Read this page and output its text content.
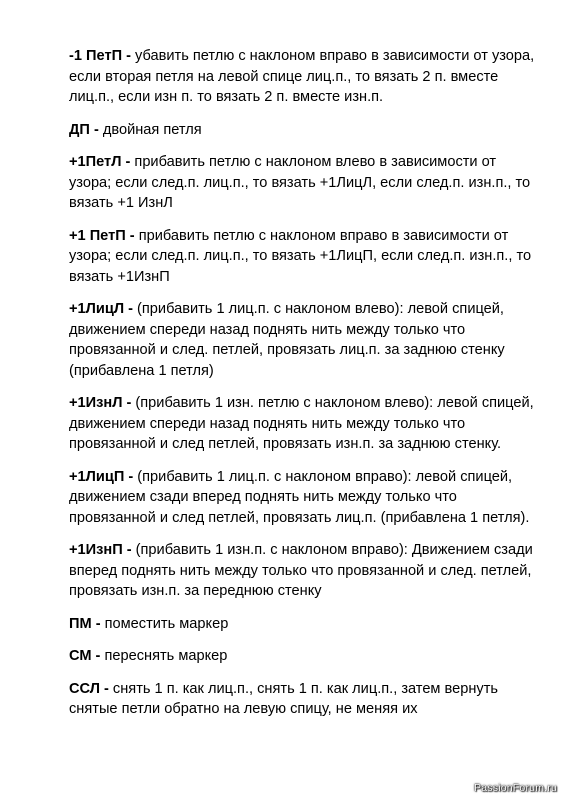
-1 ПетП - убавить петлю с наклоном вправо в зависимости от узора, если вторая петля на левой спице лиц.п., то вязать 2 п. вместе лиц.п., если изн п. то вязать 2 п. вместе изн.п.

ДП - двойная петля

+1ПетЛ - прибавить петлю с наклоном влево в зависимости от узора; если след.п. лиц.п., то вязать +1ЛицЛ, если след.п. изн.п., то вязать +1 ИзнЛ

+1 ПетП - прибавить петлю с наклоном вправо в зависимости от узора; если след.п. лиц.п., то вязать +1ЛицП, если след.п. изн.п., то вязать +1ИзнП

+1ЛицЛ - (прибавить 1 лиц.п. с наклоном влево): левой спицей, движением спереди назад поднять нить между только что провязанной и след. петлей, провязать лиц.п. за заднюю стенку (прибавлена 1 петля)

+1ИзнЛ - (прибавить 1 изн. петлю с наклоном влево): левой спицей, движением спереди назад поднять нить между только что провязанной и след петлей, провязать изн.п. за заднюю стенку.

+1ЛицП - (прибавить 1 лиц.п. с наклоном вправо): левой спицей, движением сзади вперед поднять нить между только что провязанной и след петлей, провязать лиц.п. (прибавлена 1 петля).

+1ИзнП - (прибавить 1 изн.п. с наклоном вправо): Движением сзади вперед поднять нить между только что провязанной и след. петлей, провязать изн.п. за переднюю стенку

ПМ - поместить маркер

СМ - переснять маркер

ССЛ - снять 1 п. как лиц.п., снять 1 п. как лиц.п., затем вернуть снятые петли обратно на левую спицу, не меняя их

PassionForum.ru
